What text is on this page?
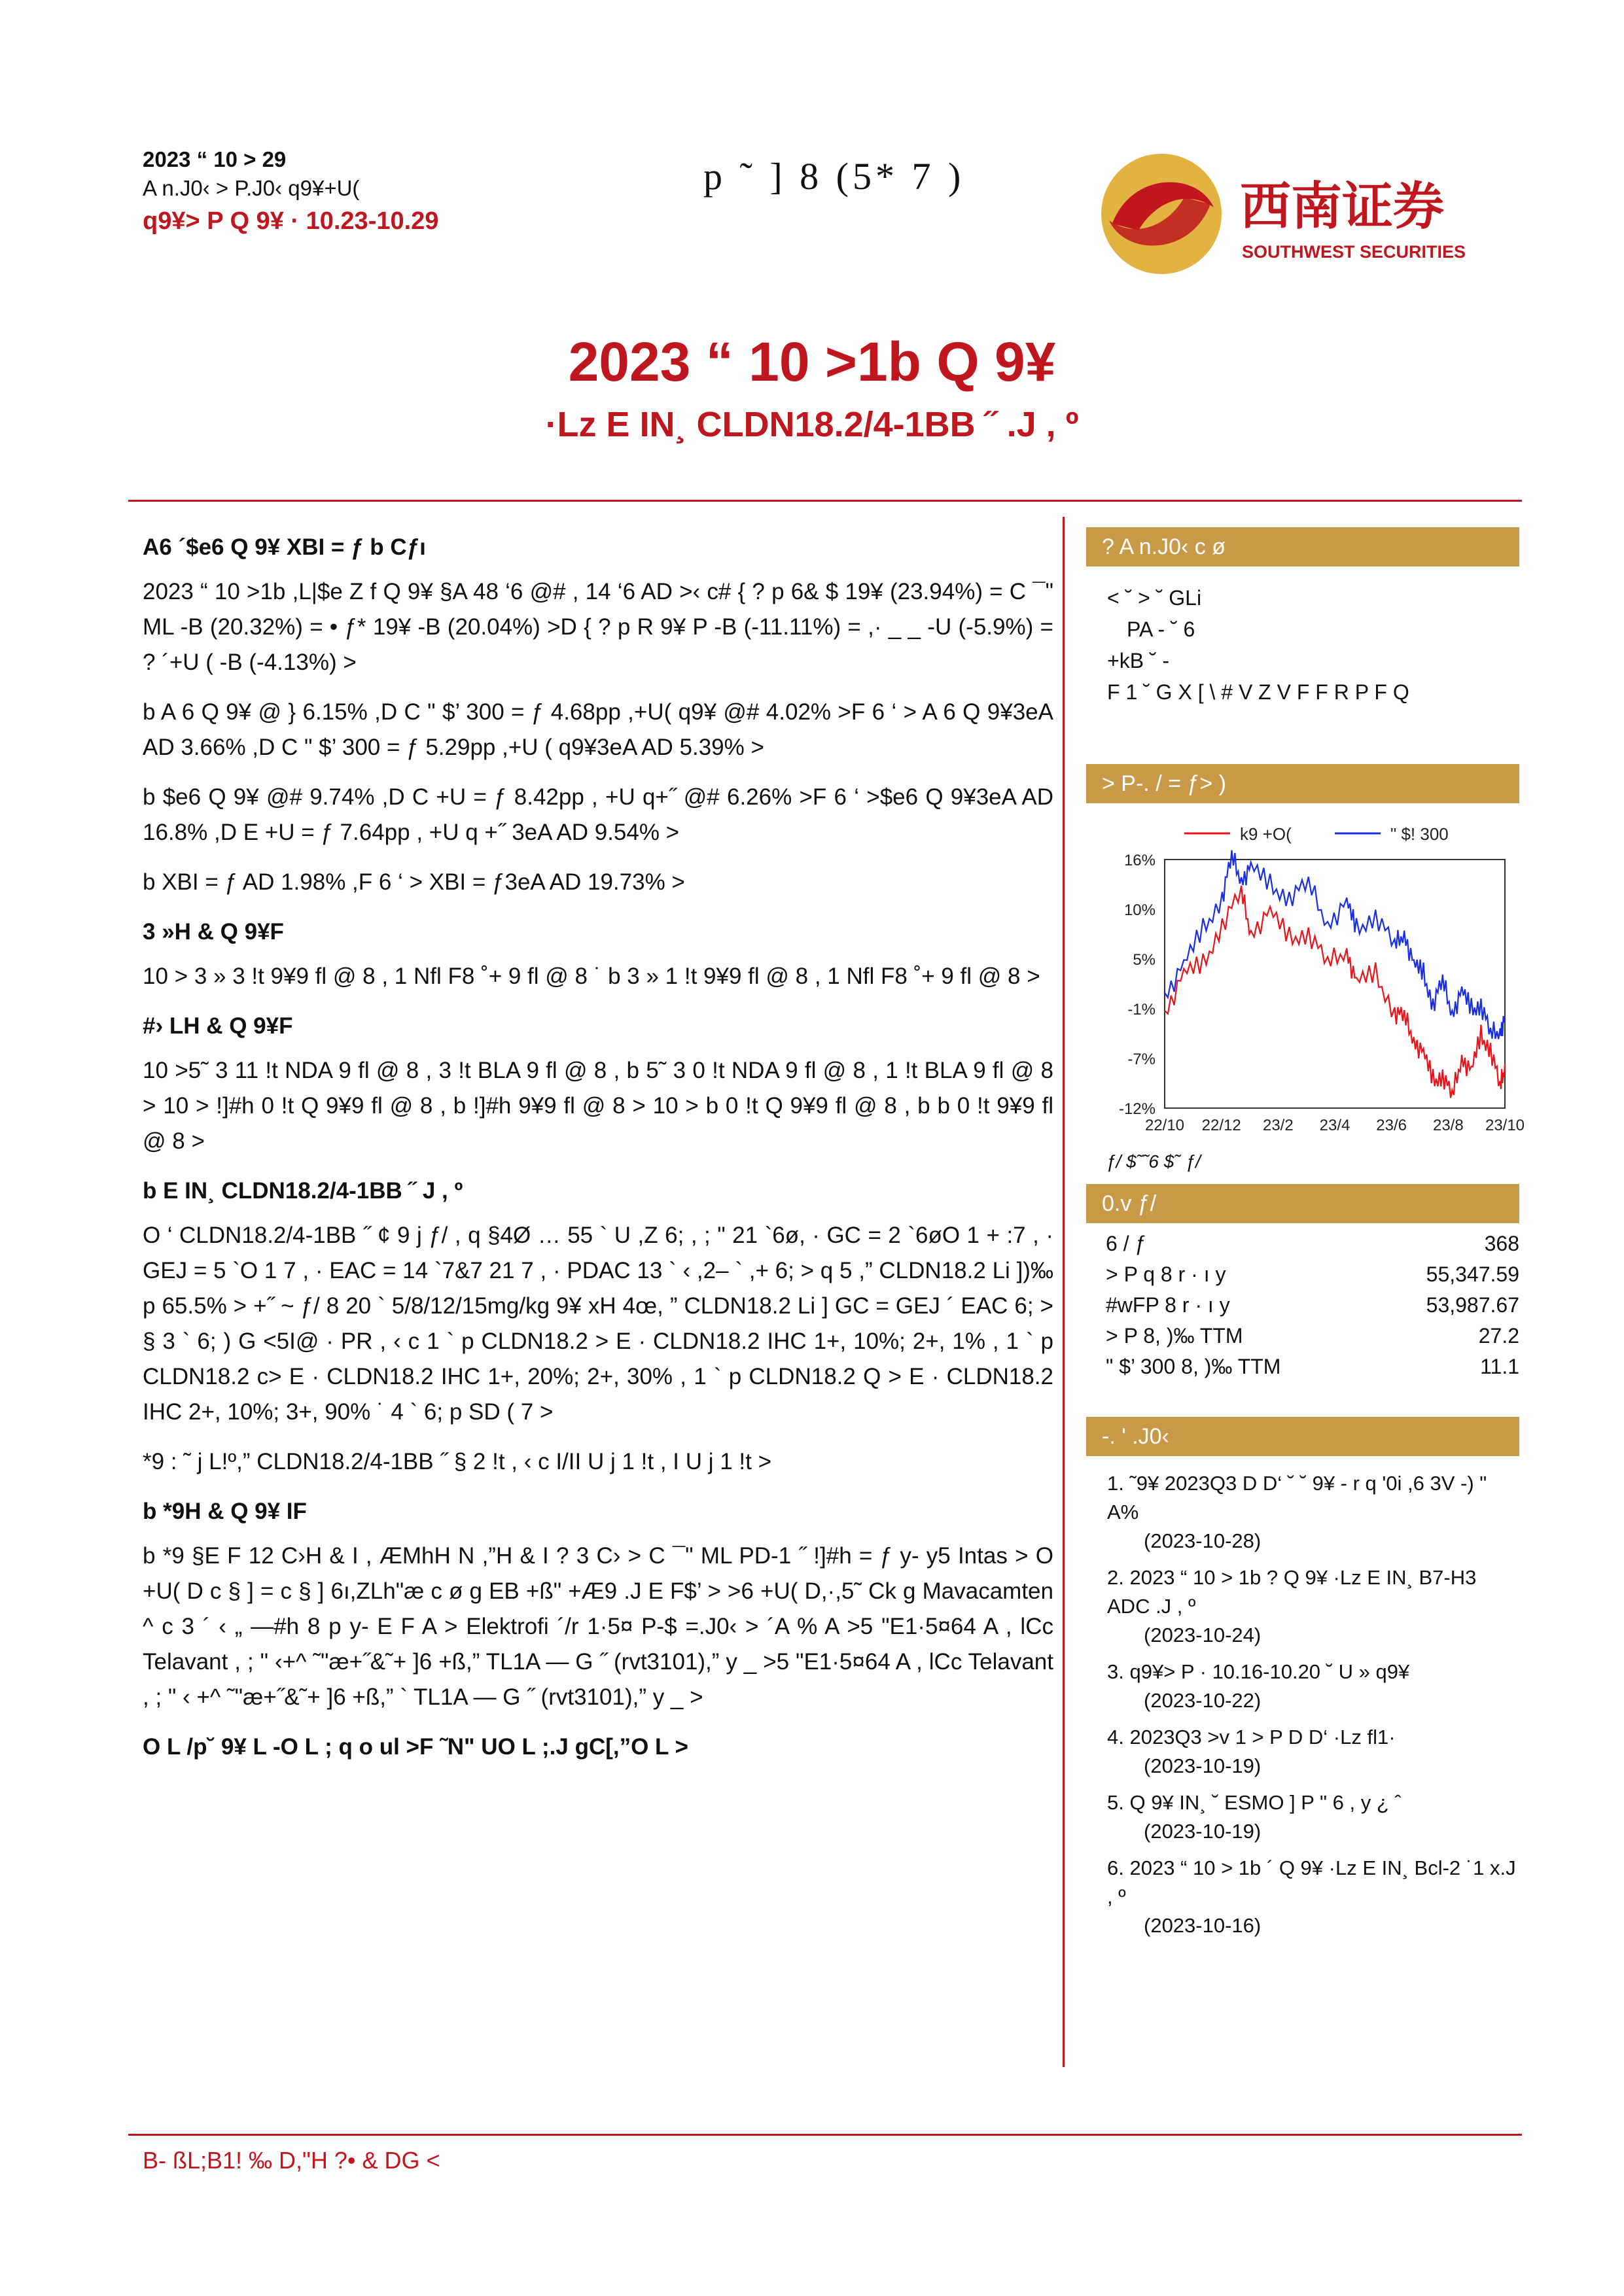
2023 “ 10 > 29
A n.J0‹ > P.J0‹ q9¥+U(
q9¥> P Q 9¥ · 10.23-10.29
p ˜ ] 8 (5* 7 )
西南证券
SOUTHWEST SECURITIES
2023 “ 10 >1b Q 9¥
·Lz E IN¸ CLDN18.2/4-1BB ˝ .J , º
A6 ´$e6 Q 9¥ XBI = ƒ b Cƒı
2023 “ 10 >1b ,L|$e Z f Q 9¥ §A 48 ‘6 @# , 14 ‘6 AD >‹ c# { ? p 6& $ 19¥ (23.94%) = C ¯" ML -B (20.32%) = • ƒ* 19¥ -B (20.04%) >D { ? p R 9¥ P -B (-11.11%) = ,· _ _ -U (-5.9%) = ? ´+U ( -B (-4.13%) >
b A 6 Q 9¥ @ } 6.15% ,D C " $’ 300 = ƒ 4.68pp ,+U( q9¥ @# 4.02% >F 6 ‘ > A 6 Q 9¥3eA AD 3.66% ,D C " $’ 300 = ƒ 5.29pp ,+U ( q9¥3eA AD 5.39% >
b $e6 Q 9¥ @# 9.74% ,D C +U = ƒ 8.42pp , +U q+˝ @# 6.26% >F 6 ‘ >$e6 Q 9¥3eA AD 16.8% ,D E +U = ƒ 7.64pp , +U q +˝ 3eA AD 9.54% >
b XBI = ƒ AD 1.98% ,F 6 ‘ > XBI = ƒ3eA AD 19.73% >
3 »H & Q 9¥F
10 > 3 » 3 !t 9¥9 fl @ 8 , 1 Nfl F8 ˚+ 9 fl @ 8 ˙ b 3 » 1 !t 9¥9 fl @ 8 , 1 Nfl F8 ˚+ 9 fl @ 8 >
#› LH & Q 9¥F
10 >5˜ 3 11 !t NDA 9 fl @ 8 , 3 !t BLA 9 fl @ 8 , b 5˜ 3 0 !t NDA 9 fl @ 8 , 1 !t BLA 9 fl @ 8 > 10 > !]#h 0 !t Q 9¥9 fl @ 8 , b !]#h 9¥9 fl @ 8 > 10 > b 0 !t Q 9¥9 fl @ 8 , b b 0 !t 9¥9 fl @ 8 >
b E IN¸ CLDN18.2/4-1BB ˝ J , º
O ‘ CLDN18.2/4-1BB ˝ ¢ 9 j ƒ/ , q §4Ø … 55 ` U ,Z 6; , ; " 21 `6ø, · GC = 2 `6øO 1 + :7 , · GEJ = 5 `O 1 7 , · EAC = 14 `7&7 21 7 , · PDAC 13 ` ‹ ,2– ` ,+ 6; > q 5 ,” CLDN18.2 Li ])‰ p 65.5% > +˝ ~ ƒ/ 8 20 ` 5/8/12/15mg/kg 9¥ xH 4œ, ” CLDN18.2 Li ] GC = GEJ ´ EAC 6; > § 3 ` 6; ) G <5I@ · PR , ‹ c 1 ` p CLDN18.2 > E · CLDN18.2 IHC 1+, 10%; 2+, 1% , 1 ` p CLDN18.2 c> E · CLDN18.2 IHC 1+, 20%; 2+, 30% , 1 ` p CLDN18.2 Q > E · CLDN18.2 IHC 2+, 10%; 3+, 90% ˙ 4 ` 6; p SD ( 7 >
*9 : ˜ j L!º,” CLDN18.2/4-1BB ˝ § 2 !t , ‹ c I/II U j 1 !t , I U j 1 !t >
b *9H & Q 9¥ IF
b *9 §E F 12 C›H & I , ÆMhH N ,”H & I ? 3 C› > C ¯" ML PD-1 ˝ !]#h = ƒ y- y5 Intas > O +U( D c § ] = c § ] 6ı,ZLh"æ c ø g EB +ß" +Æ9 .J E F$’ > >6 +U( D,·,5˜ Ck g Mavacamten ^ c 3 ´ ‹ „ —#h 8 p y- E F A > Elektrofi ´/r 1·5¤ P-$ =.J0‹ > ´A % A >5 "E1·5¤64 A , lCc Telavant , ; " ‹+^ ˜"æ+˝&˜+ ]6 +ß,” TL1A — G ˝ (rvt3101),” y _ >5 "E1·5¤64 A , lCc Telavant , ; " ‹ +^ ˜"æ+˝&˜+ ]6 +ß,” ` TL1A — G ˝ (rvt3101),” y _ >
O L /p˘ 9¥ L -O L ; q o ul >F ˜N" UO L ;.J gC[,”O L >
? A n.J0‹ c ø
< ˘ > ˘ GLi
PA - ˘ 6
+kB ˘ -
F 1 ˘ G X [ \ # V Z V F F R P F Q
> P-. / = ƒ> )
k9 +O(	" $! 300
16%
10%
5%
-1%
-7%
-12%
22/10 22/12 23/2 23/4 23/6 23/8 23/10
ƒ/ $˜˜6 $˜ ƒ/
0.v ƒ/
6 / ƒ	368
> P q 8 r · ı y	55,347.59
#wFP 8 r · ı y	53,987.67
> P 8, )‰ TTM	27.2
" $’ 300 8, )‰ TTM	11.1
-. ' .J0‹
1. ˜9¥ 2023Q3 D D‘ ˘ ˘ 9¥ - r q '0i ,6 3V -) " A%
(2023-10-28)
2. 2023 “ 10 > 1b ? Q 9¥ ·Lz E IN¸ B7-H3 ADC .J , º
(2023-10-24)
3. q9¥> P · 10.16-10.20 ˘ U » q9¥
(2023-10-22)
4. 2023Q3 >v 1 > P D D‘ ·Lz fl1·
(2023-10-19)
5. Q 9¥ IN¸ ˘ ESMO ] P " 6 , y ¿ ˆ
(2023-10-19)
6. 2023 “ 10 > 1b ´ Q 9¥ ·Lz E IN¸ Bcl-2 ˙1 x.J , º
(2023-10-16)
B- ßL;B1! ‰ D,"H ?• & DG <
